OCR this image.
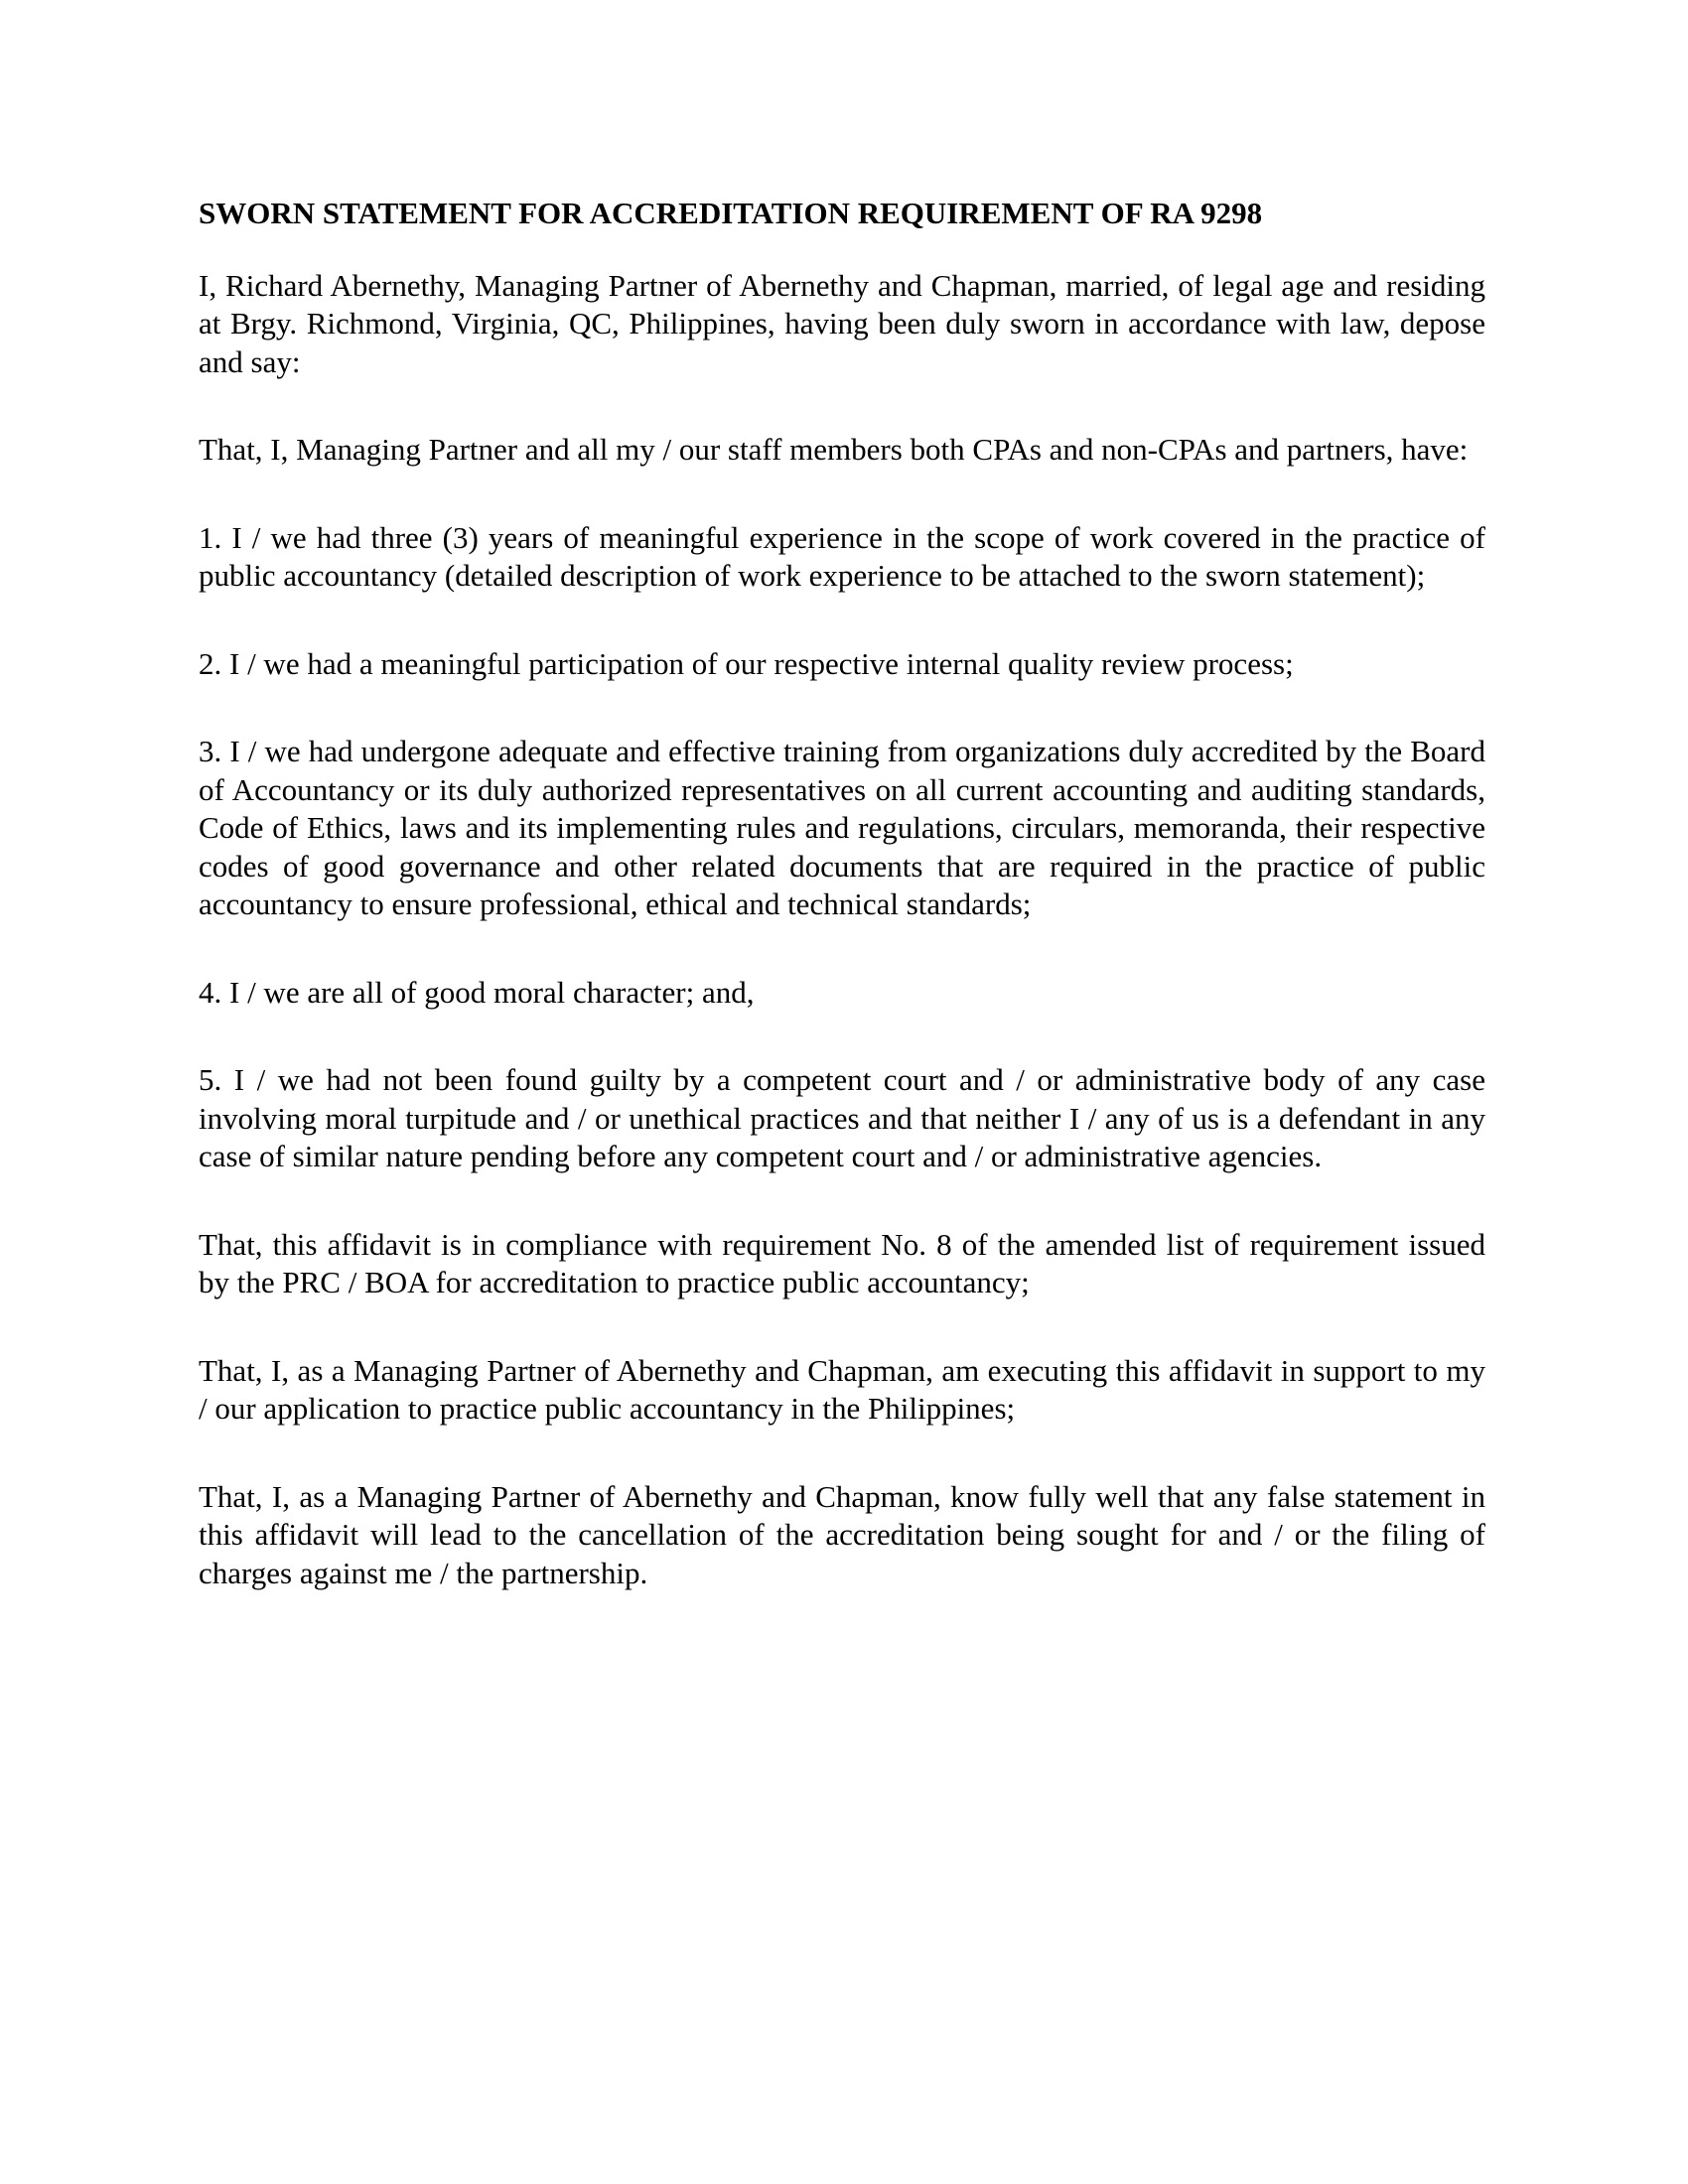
SWORN STATEMENT FOR ACCREDITATION REQUIREMENT OF RA 9298

I, Richard Abernethy, Managing Partner of Abernethy and Chapman, married, of legal age and residing at Brgy. Richmond, Virginia, QC, Philippines, having been duly sworn in accordance with law, depose and say:

That, I, Managing Partner and all my / our staff members both CPAs and non-CPAs and partners, have:

1. I / we had three (3) years of meaningful experience in the scope of work covered in the practice of public accountancy (detailed description of work experience to be attached to the sworn statement);

2. I / we had a meaningful participation of our respective internal quality review process;

3. I / we had undergone adequate and effective training from organizations duly accredited by the Board of Accountancy or its duly authorized representatives on all current accounting and auditing standards, Code of Ethics, laws and its implementing rules and regulations, circulars, memoranda, their respective codes of good governance and other related documents that are required in the practice of public accountancy to ensure professional, ethical and technical standards;

4. I / we are all of good moral character; and,

5. I / we had not been found guilty by a competent court and / or administrative body of any case involving moral turpitude and / or unethical practices and that neither I / any of us is a defendant in any case of similar nature pending before any competent court and / or administrative agencies.

That, this affidavit is in compliance with requirement No. 8 of the amended list of requirement issued by the PRC / BOA for accreditation to practice public accountancy;

That, I, as a Managing Partner of Abernethy and Chapman, am executing this affidavit in support to my / our application to practice public accountancy in the Philippines;

That, I, as a Managing Partner of Abernethy and Chapman, know fully well that any false statement in this affidavit will lead to the cancellation of the accreditation being sought for and / or the filing of charges against me / the partnership.
